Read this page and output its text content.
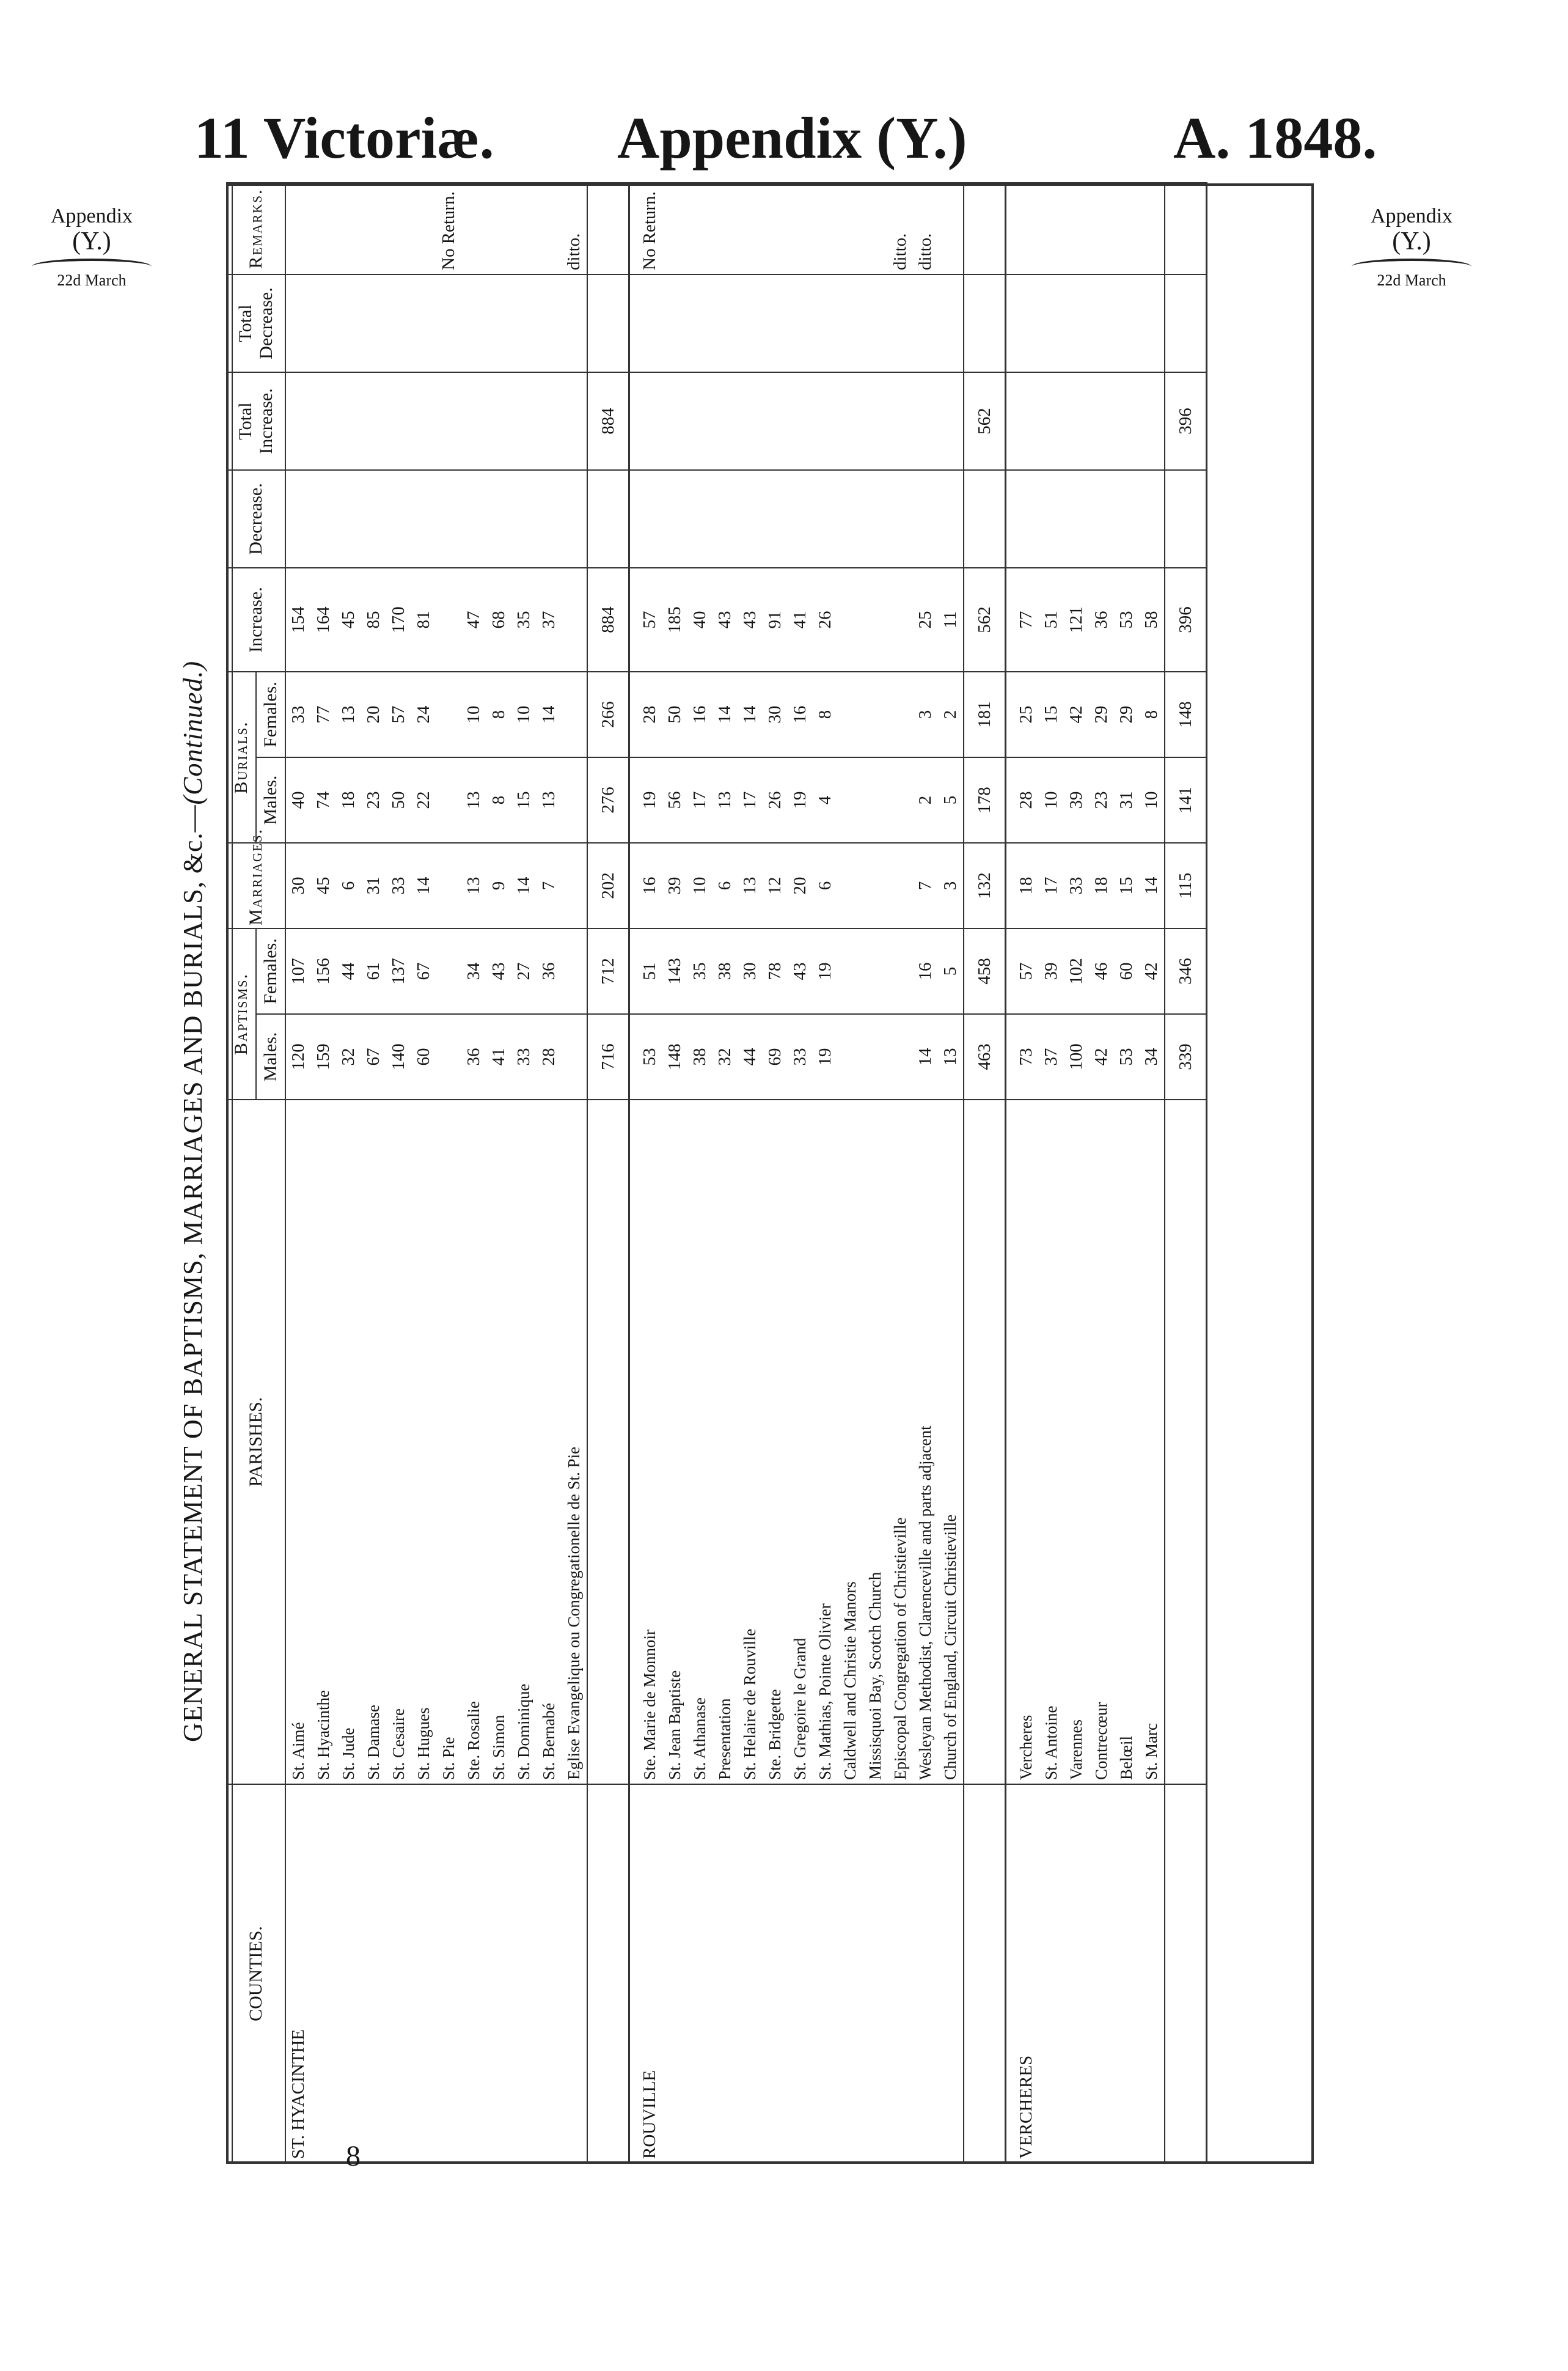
11 Victoriæ. Appendix (Y.)	A. 1848.
Appendix
(Y.)
22d March
Appendix
(Y.)
22d March
GENERAL STATEMENT OF BAPTISMS, MARRIAGES AND BURIALS, &c.—(Continued.)
COUNTIES.	PARISHES.	Baptisms.		Marriages.	Burials.		Increase.	Decrease.	Total Increase.	Total Decrease.	Remarks.
		Males.	Females.		Males.	Females.					
ST. HYACINTHE	St. Aimé	120	107	30	40	33	154				
	St. Hyacinthe	159	156	45	74	77	164				
	St. Jude	32	44	6	18	13	45				
	St. Damase	67	61	31	23	20	85				
	St. Cesaire	140	137	33	50	57	170				
	St. Hugues	60	67	14	22	24	81				
	St. Pie										No Return.
	Ste. Rosalie	36	34	13	13	10	47				
	St. Simon	41	43	9	8	8	68				
	St. Dominique	33	27	14	15	10	35				
	St. Bernabé	28	36	7	13	14	37				
	Eglise Evangelique ou Congregationelle de St. Pie										ditto.
		716	712	202	276	266	884		884		

ROUVILLE	Ste. Marie de Monnoir	53	51	16	19	28	57				No Return.
	St. Jean Baptiste	148	143	39	56	50	185				
	St. Athanase	38	35	10	17	16	40				
	Presentation	32	38	6	13	14	43				
	St. Helaire de Rouville	44	30	13	17	14	43				
	Ste. Bridgette	69	78	12	26	30	91				
	St. Gregoire le Grand	33	43	20	19	16	41				
	St. Mathias, Pointe Olivier	19	19	6	4	8	26				
	Caldwell and Christie Manors										
	Missisquoi Bay, Scotch Church										
	Episcopal Congregation of Christieville										ditto.
	Wesleyan Methodist, Clarenceville and parts adjacent	14	16	7	2	3	25				ditto.
	Church of England, Circuit Christieville	13	5	3	5	2	11				
		463	458	132	178	181	562		562		

VERCHERES	Vercheres	73	57	18	28	25	77				
	St. Antoine	37	39	17	10	15	51				
	Varennes	100	102	33	39	42	121				
	Contrecœur	42	46	18	23	29	36				
	Belœil	53	60	15	31	29	53				
	St. Marc	34	42	14	10	8	58				
		339	346	115	141	148	396		396		
8
